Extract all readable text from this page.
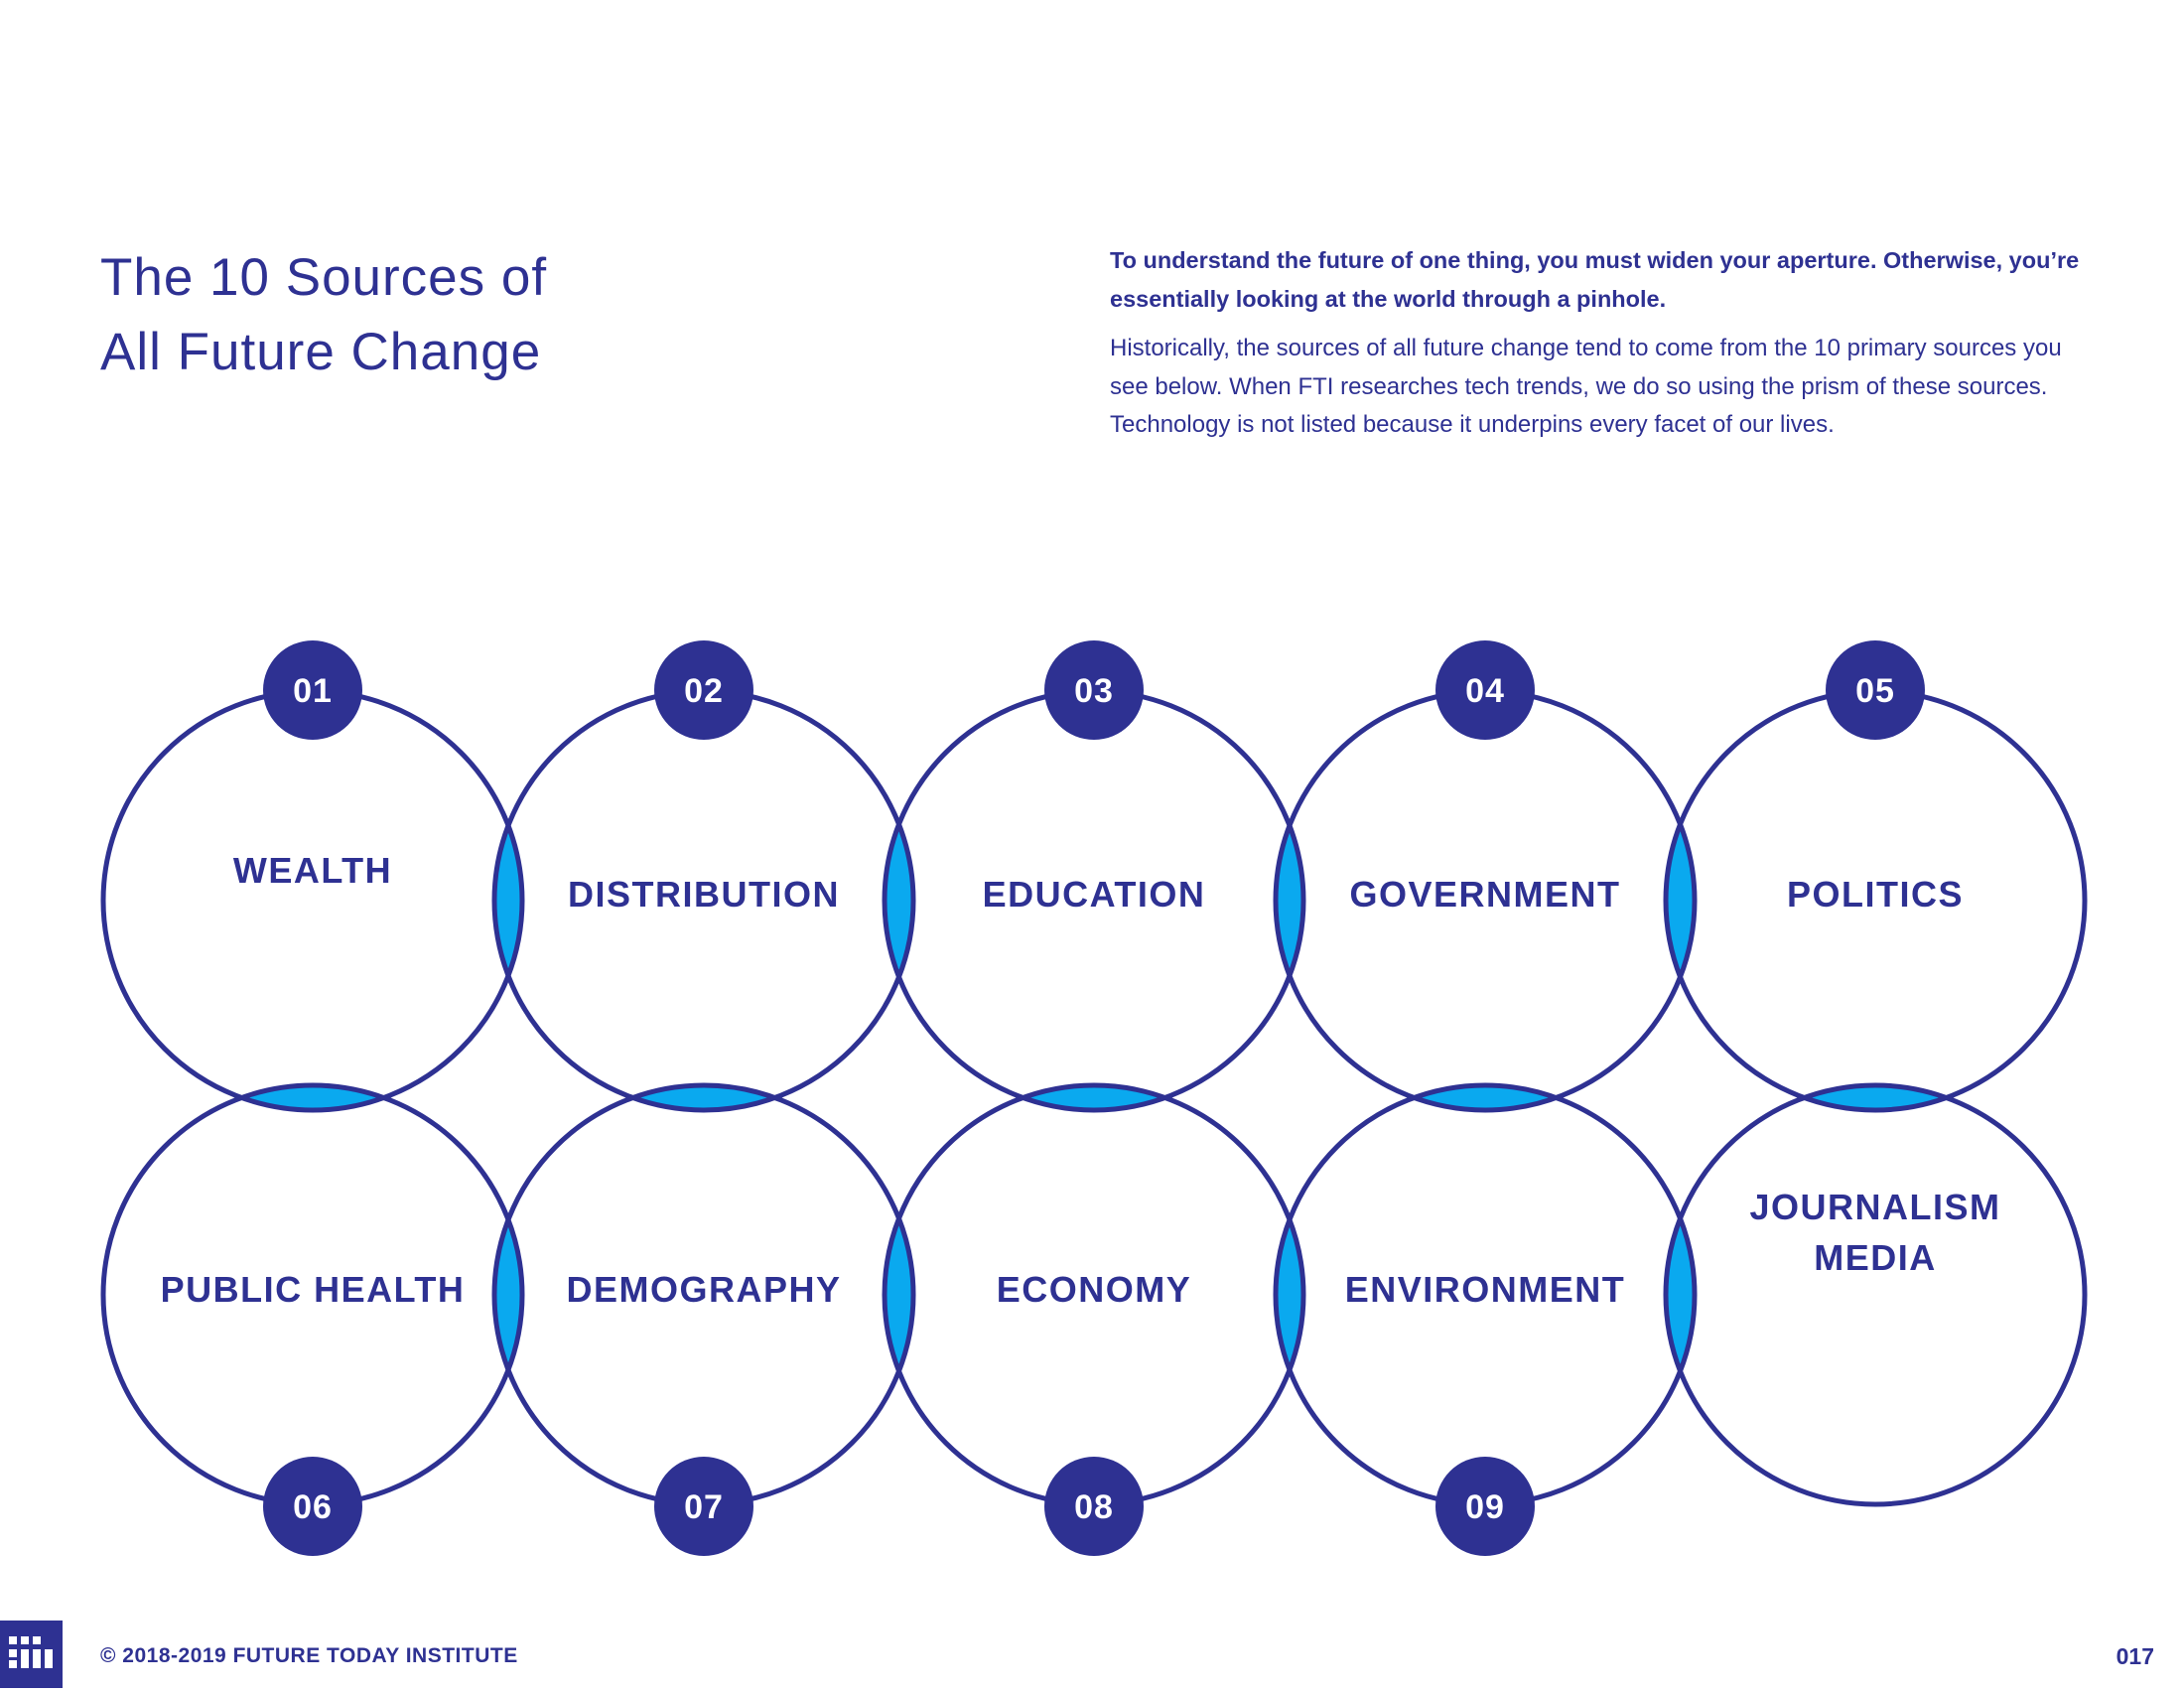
The 10 Sources of
All Future Change
To understand the future of one thing, you must widen your aperture. Otherwise, you’re essentially looking at the world through a pinhole.
Historically, the sources of all future change tend to come from the 10 primary sources you see below. When FTI researches tech trends, we do so using the prism of these sources. Technology is not listed because it underpins every facet of our lives.
WEALTH
DISTRIBUTION	EDUCATION	GOVERNMENT	POLITICS
PUBLIC HEALTH	DEMOGRAPHY	ECONOMY	ENVIRONMENT
JOURNALISM MEDIA
01	02	03	04	05
06	07	08	09
© 2018-2019 FUTURE TODAY INSTITUTE	017
